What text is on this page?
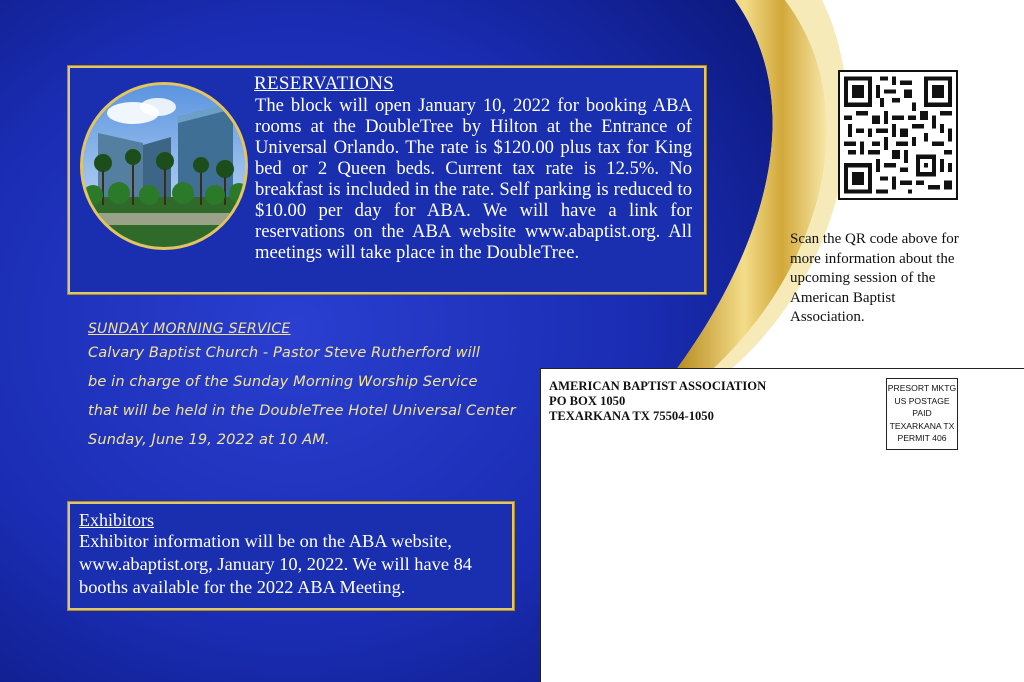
RESERVATIONS
The block will open January 10, 2022 for booking ABA rooms at the DoubleTree by Hilton at the Entrance of Universal Orlando. The rate is $120.00 plus tax for King bed or 2 Queen beds. Current tax rate is 12.5%. No breakfast is included in the rate. Self parking is reduced to $10.00 per day for ABA. We will have a link for reservations on the ABA website www.abaptist.org. All meetings will take place in the DoubleTree.
SUNDAY MORNING SERVICE
Calvary Baptist Church - Pastor Steve Rutherford will
be in charge of the Sunday Morning Worship Service
that will be held in the DoubleTree Hotel Universal Center
Sunday, June 19, 2022 at 10 AM.
Exhibitors
Exhibitor information will be on the ABA website, www.abaptist.org, January 10, 2022. We will have 84 booths available for the 2022 ABA Meeting.
Scan the QR code above for more information about the upcoming session of the American Baptist Association.
AMERICAN BAPTIST ASSOCIATION
PO BOX 1050
TEXARKANA TX 75504-1050
PRESORT MKTG
US POSTAGE
PAID
TEXARKANA TX
PERMIT 406
